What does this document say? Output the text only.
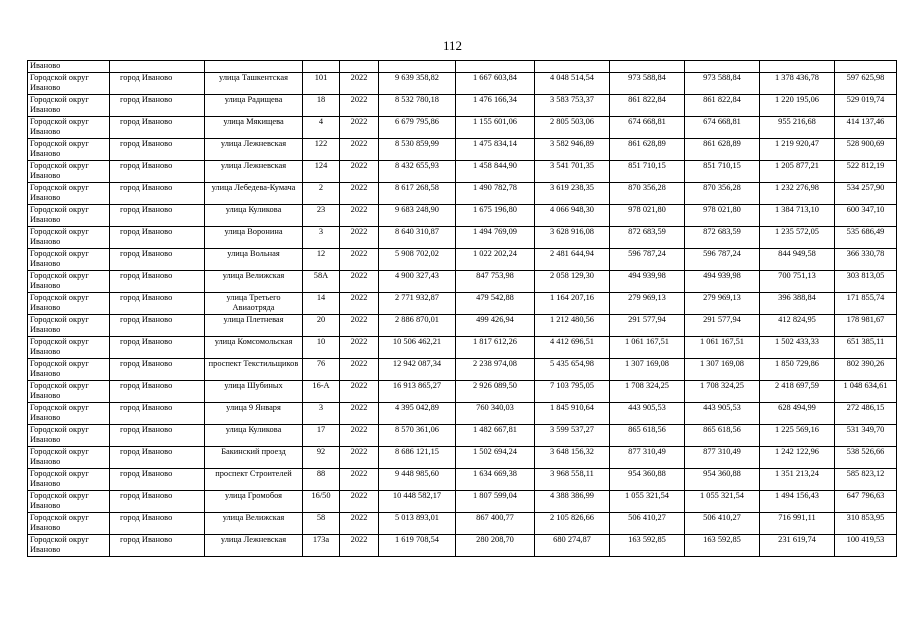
112
Иваново											
Городской округ Иваново	город Иваново	улица Ташкентская	101	2022	9 639 358,82	1 667 603,84	4 048 514,54	973 588,84	973 588,84	1 378 436,78	597 625,98
Городской округ Иваново	город Иваново	улица Радищева	18	2022	8 532 780,18	1 476 166,34	3 583 753,37	861 822,84	861 822,84	1 220 195,06	529 019,74
Городской округ Иваново	город Иваново	улица Мякищева	4	2022	6 679 795,86	1 155 601,06	2 805 503,06	674 668,81	674 668,81	955 216,68	414 137,46
Городской округ Иваново	город Иваново	улица Лежневская	122	2022	8 530 859,99	1 475 834,14	3 582 946,89	861 628,89	861 628,89	1 219 920,47	528 900,69
Городской округ Иваново	город Иваново	улица Лежневская	124	2022	8 432 655,93	1 458 844,90	3 541 701,35	851 710,15	851 710,15	1 205 877,21	522 812,19
Городской округ Иваново	город Иваново	улица Лебедева-Кумача	2	2022	8 617 268,58	1 490 782,78	3 619 238,35	870 356,28	870 356,28	1 232 276,98	534 257,90
Городской округ Иваново	город Иваново	улица Куликова	23	2022	9 683 248,90	1 675 196,80	4 066 948,30	978 021,80	978 021,80	1 384 713,10	600 347,10
Городской округ Иваново	город Иваново	улица Воронина	3	2022	8 640 310,87	1 494 769,09	3 628 916,08	872 683,59	872 683,59	1 235 572,05	535 686,49
Городской округ Иваново	город Иваново	улица Вольная	12	2022	5 908 702,02	1 022 202,24	2 481 644,94	596 787,24	596 787,24	844 949,58	366 330,78
Городской округ Иваново	город Иваново	улица Велижская	58А	2022	4 900 327,43	847 753,98	2 058 129,30	494 939,98	494 939,98	700 751,13	303 813,05
Городской округ Иваново	город Иваново	улица Третьего Авиаотряда	14	2022	2 771 932,87	479 542,88	1 164 207,16	279 969,13	279 969,13	396 388,84	171 855,74
Городской округ Иваново	город Иваново	улица Плетневая	20	2022	2 886 870,01	499 426,94	1 212 480,56	291 577,94	291 577,94	412 824,95	178 981,67
Городской округ Иваново	город Иваново	улица Комсомольская	10	2022	10 506 462,21	1 817 612,26	4 412 696,51	1 061 167,51	1 061 167,51	1 502 433,33	651 385,11
Городской округ Иваново	город Иваново	проспект Текстильщиков	76	2022	12 942 087,34	2 238 974,08	5 435 654,98	1 307 169,08	1 307 169,08	1 850 729,86	802 390,26
Городской округ Иваново	город Иваново	улица Шубиных	16-А	2022	16 913 865,27	2 926 089,50	7 103 795,05	1 708 324,25	1 708 324,25	2 418 697,59	1 048 634,61
Городской округ Иваново	город Иваново	улица 9 Января	3	2022	4 395 042,89	760 340,03	1 845 910,64	443 905,53	443 905,53	628 494,99	272 486,15
Городской округ Иваново	город Иваново	улица Куликова	17	2022	8 570 361,06	1 482 667,81	3 599 537,27	865 618,56	865 618,56	1 225 569,16	531 349,70
Городской округ Иваново	город Иваново	Бакинский проезд	92	2022	8 686 121,15	1 502 694,24	3 648 156,32	877 310,49	877 310,49	1 242 122,96	538 526,66
Городской округ Иваново	город Иваново	проспект Строителей	88	2022	9 448 985,60	1 634 669,38	3 968 558,11	954 360,88	954 360,88	1 351 213,24	585 823,12
Городской округ Иваново	город Иваново	улица Громобоя	16/50	2022	10 448 582,17	1 807 599,04	4 388 386,99	1 055 321,54	1 055 321,54	1 494 156,43	647 796,63
Городской округ Иваново	город Иваново	улица Велижская	58	2022	5 013 893,01	867 400,77	2 105 826,66	506 410,27	506 410,27	716 991,11	310 853,95
Городской округ Иваново	город Иваново	улица Лежневская	173а	2022	1 619 708,54	280 208,70	680 274,87	163 592,85	163 592,85	231 619,74	100 419,53
